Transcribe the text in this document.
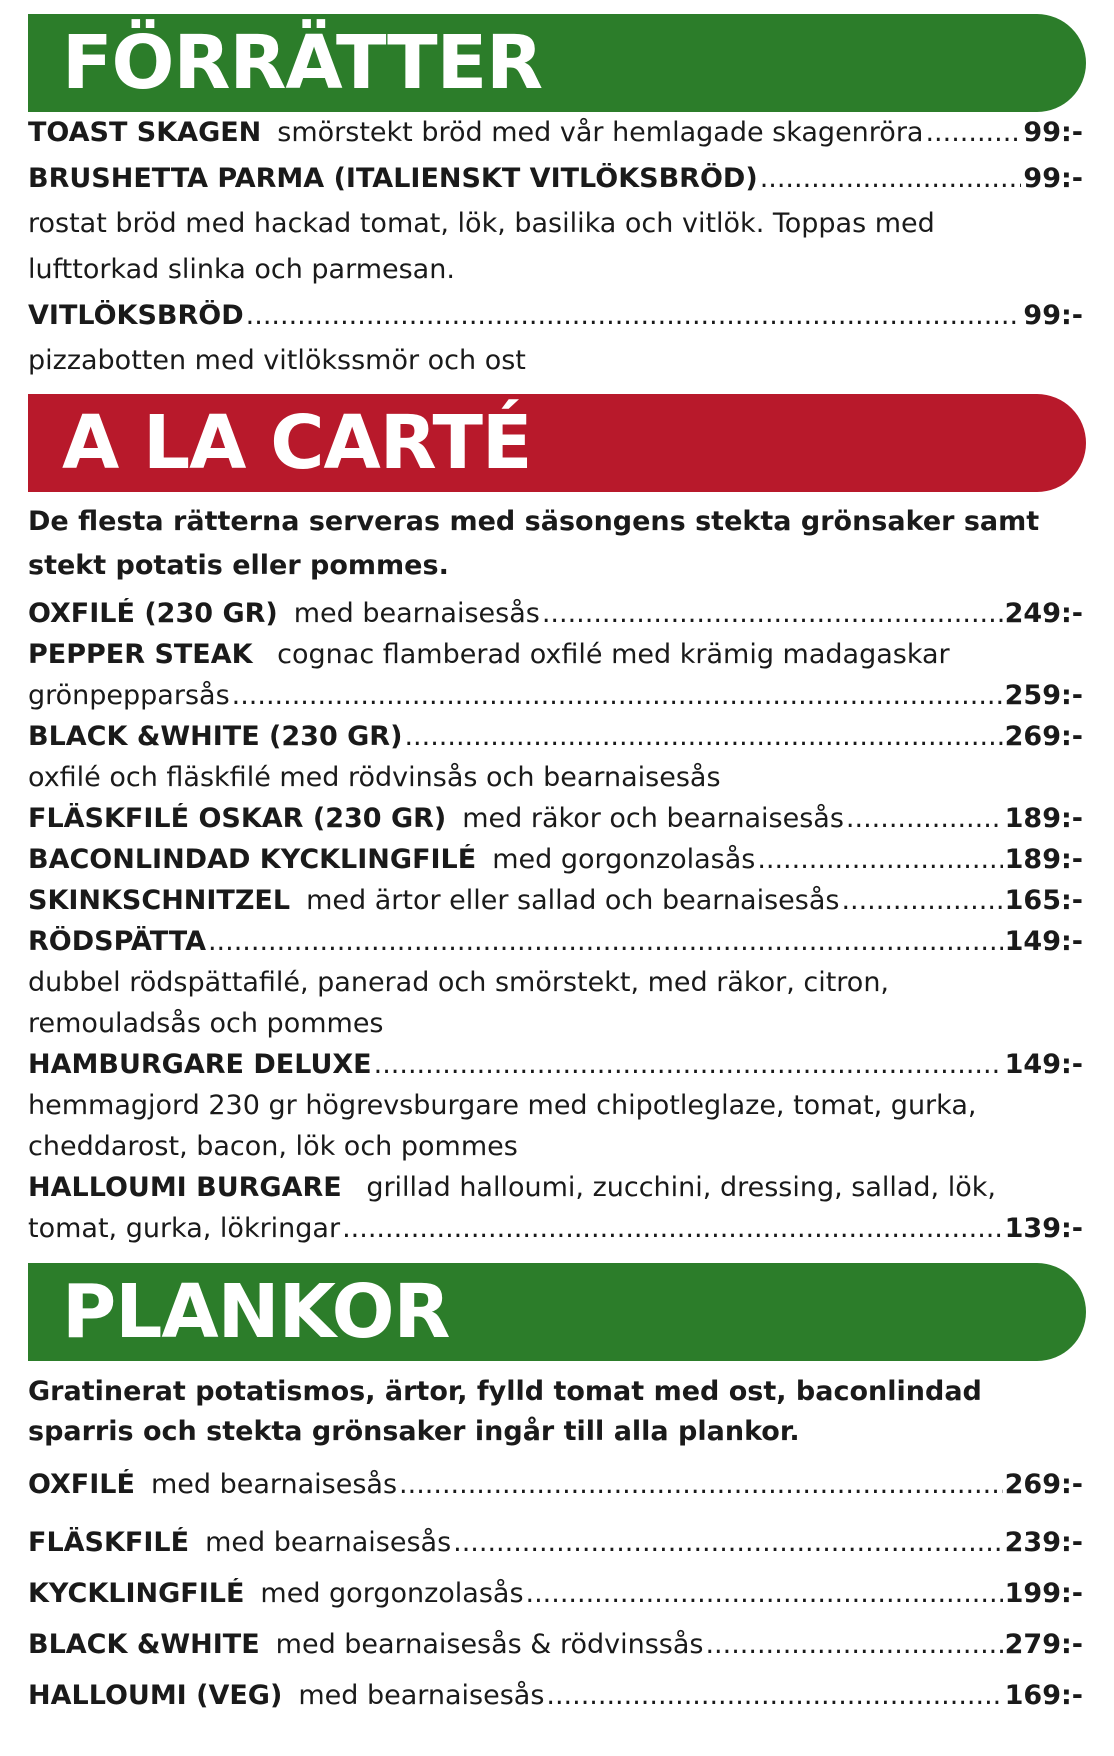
FÖRRÄTTER
TOAST SKAGEN smörstekt bröd med vår hemlagade skagenröra .....	99:-
BRUSHETTA PARMA (ITALIENSKT VITLÖKSBRÖD) .....	99:-
rostat bröd med hackad tomat, lök, basilika och vitlök. Toppas med
lufttorkad slinka och parmesan.
VITLÖKSBRÖD .....	99:-
pizzabotten med vitlökssmör och ost
A LA CARTÉ
De flesta rätterna serveras med säsongens stekta grönsaker samt stekt potatis eller pommes.
OXFILÉ (230 GR) med bearnaisesås .....	249:-
PEPPER STEAK cognac flamberad oxfilé med krämig madagaskar
grönpepparsås .....	259:-
BLACK &WHITE (230 GR) .....	269:-
oxfilé och fläskfilé med rödvinsås och bearnaisesås
FLÄSKFILÉ OSKAR (230 GR) med räkor och bearnaisesås .....	189:-
BACONLINDAD KYCKLINGFILÉ med gorgonzolasås .....	189:-
SKINKSCHNITZEL med ärtor eller sallad och bearnaisesås .....	165:-
RÖDSPÄTTA .....	149:-
dubbel rödspättafilé, panerad och smörstekt, med räkor, citron,
remouladsås och pommes
HAMBURGARE DELUXE .....	149:-
hemmagjord 230 gr högrevsburgare med chipotleglaze, tomat, gurka,
cheddarost, bacon, lök och pommes
HALLOUMI BURGARE grillad halloumi, zucchini, dressing, sallad, lök,
tomat, gurka, lökringar .....	139:-
PLANKOR
Gratinerat potatismos, ärtor, fylld tomat med ost, baconlindad sparris och stekta grönsaker ingår till alla plankor.
OXFILÉ med bearnaisesås .....	269:-
FLÄSKFILÉ med bearnaisesås .....	239:-
KYCKLINGFILÉ med gorgonzolasås .....	199:-
BLACK &WHITE med bearnaisesås & rödvinssås .....	279:-
HALLOUMI (VEG) med bearnaisesås .....	169:-
